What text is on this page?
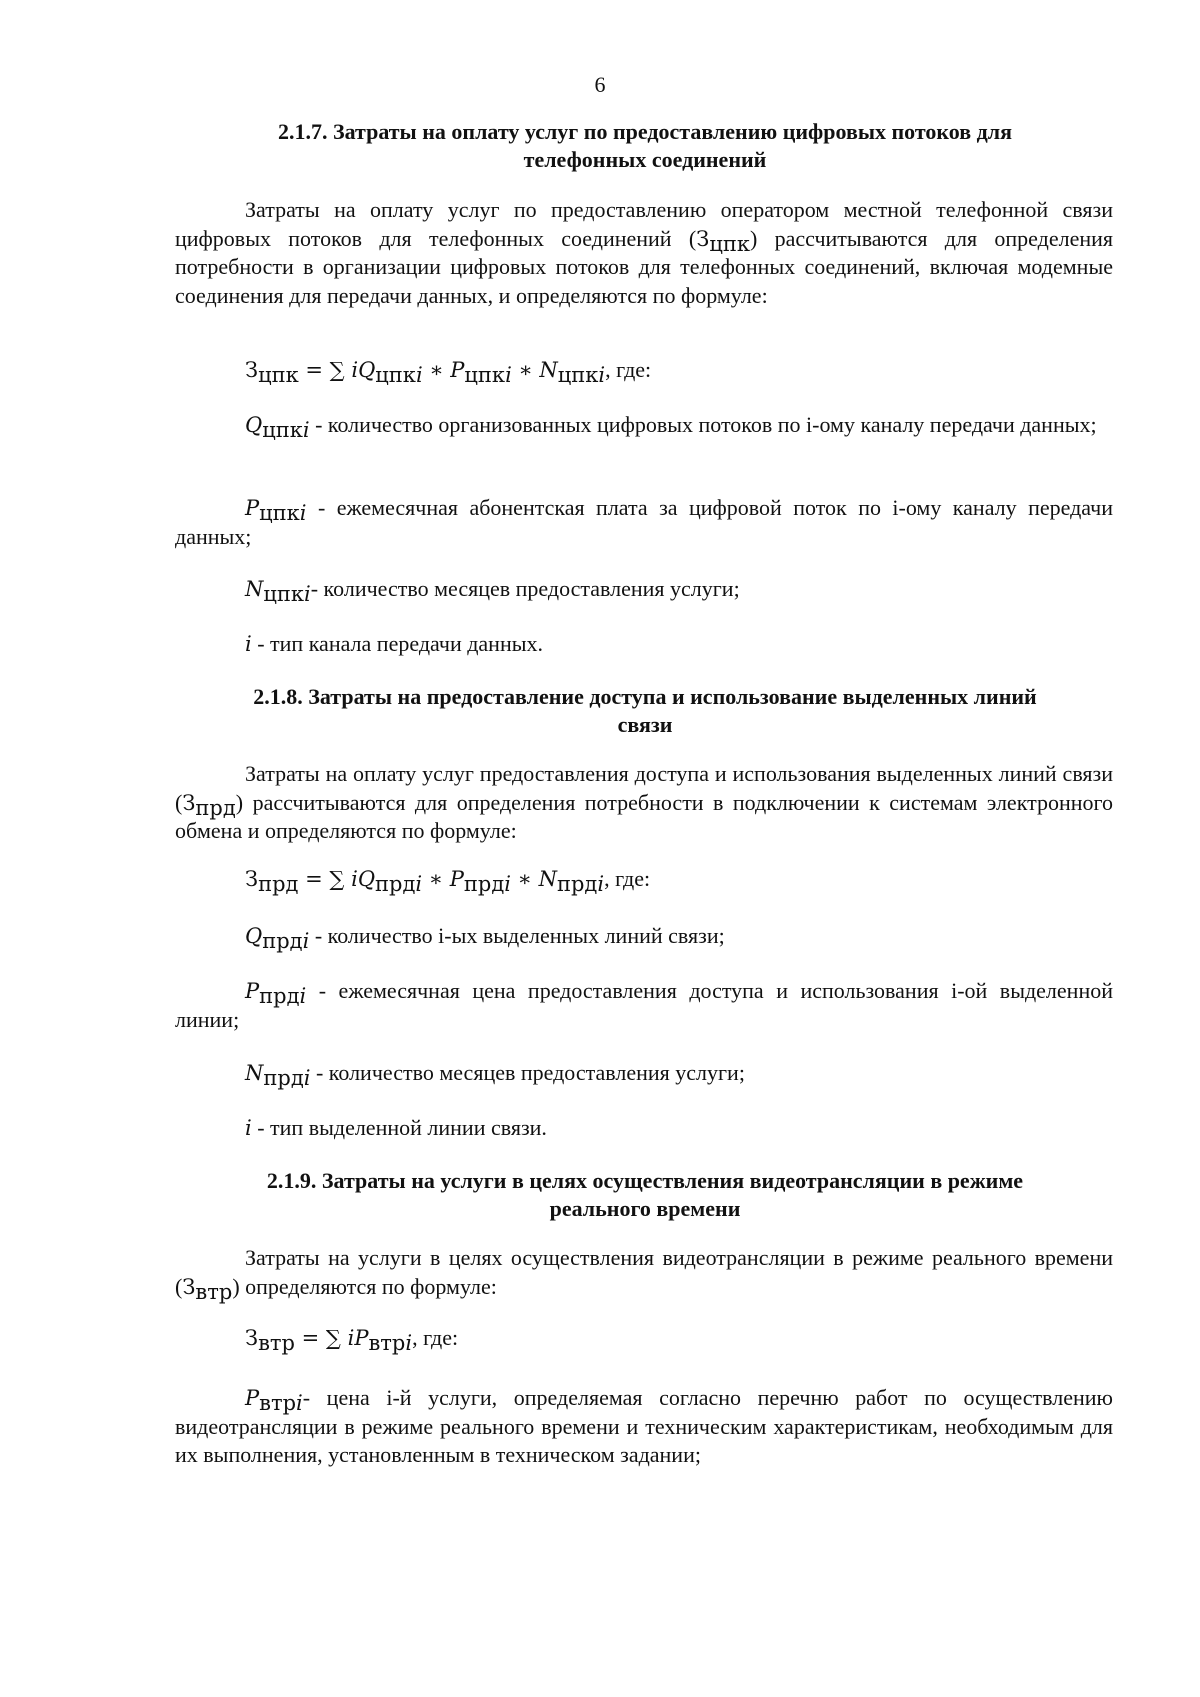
6
2.1.7. Затраты на оплату услуг по предоставлению цифровых потоков для
телефонных соединений
Затраты на оплату услуг по предоставлению оператором местной телефонной связи цифровых потоков для телефонных соединений $(З_{цпк})$ рассчитываются для определения потребности в организации цифровых потоков для телефонных соединений, включая модемные соединения для передачи данных, и определяются по формуле:
$З_{цпк}$ = ∑ $iQ_{цпкi}$ ∗ $P_{цпкi}$ ∗ $N_{цпкi}$, где:
$Q_{цпкi}$ - количество организованных цифровых потоков по i-ому каналу передачи данных;
$P_{цпкi}$ - ежемесячная абонентская плата за цифровой поток по i-ому каналу передачи данных;
$N_{цпкi}-$ количество месяцев предоставления услуги;
i - тип канала передачи данных.
2.1.8. Затраты на предоставление доступа и использование выделенных линий
связи
Затраты на оплату услуг предоставления доступа и использования выделенных линий связи $(З_{прд})$ рассчитываются для определения потребности в подключении к системам электронного обмена и определяются по формуле:
$З_{прд}$ = ∑ $iQ_{прдi}$ ∗ $P_{прдi}$ ∗ $N_{прдi}$, где:
$Q_{прдi}$ - количество i-ых выделенных линий связи;
$P_{прдi}$ - ежемесячная цена предоставления доступа и использования i-ой выделенной линии;
$N_{прдi}$ - количество месяцев предоставления услуги;
i - тип выделенной линии связи.
2.1.9. Затраты на услуги в целях осуществления видеотрансляции в режиме
реального времени
Затраты на услуги в целях осуществления видеотрансляции в режиме реального времени $(З_{втр})$ определяются по формуле:
$З_{втр}$ = ∑ $iP_{втрi}$, где:
$P_{втрi}-$ цена i-й услуги, определяемая согласно перечню работ по осуществлению видеотрансляции в режиме реального времени и техническим характеристикам, необходимым для их выполнения, установленным в техническом задании;
